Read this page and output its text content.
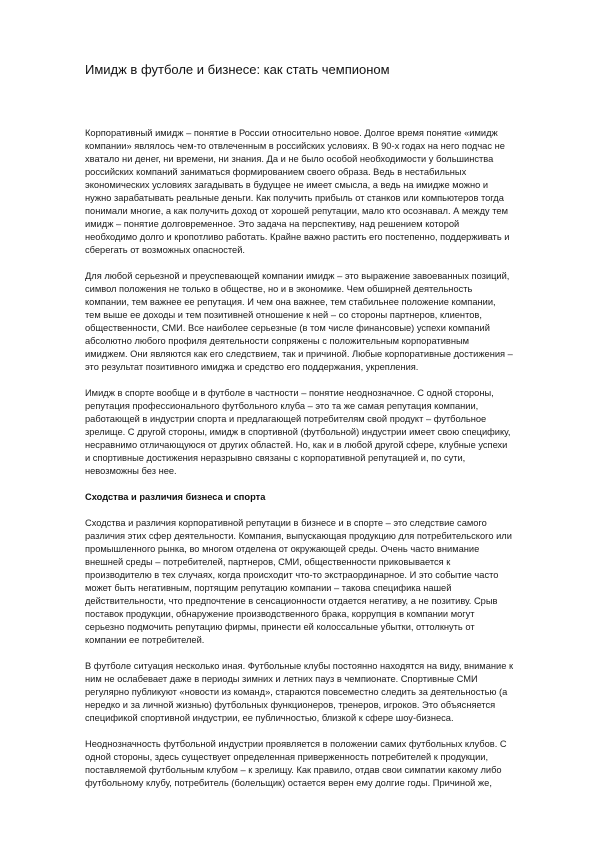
Имидж в футболе и бизнесе: как стать чемпионом

Корпоративный имидж – понятие в России относительно новое. Долгое время понятие «имидж компании» являлось чем-то отвлеченным в российских условиях. В 90-х годах на него подчас не хватало ни денег, ни времени, ни знания. Да и не было особой необходимости у большинства российских компаний заниматься формированием своего образа. Ведь в нестабильных экономических условиях загадывать в будущее не имеет смысла, а ведь на имидже можно и нужно зарабатывать реальные деньги. Как получить прибыль от станков или компьютеров тогда понимали многие, а как получить доход от хорошей репутации, мало кто осознавал. А между тем имидж – понятие долговременное. Это задача на перспективу, над решением которой необходимо долго и кропотливо работать. Крайне важно растить его постепенно, поддерживать и сберегать от возможных опасностей.

Для любой серьезной и преуспевающей компании имидж – это выражение завоеванных позиций, символ положения не только в обществе, но и в экономике. Чем обширней деятельность компании, тем важнее ее репутация. И чем она важнее, тем стабильнее положение компании, тем выше ее доходы и тем позитивней отношение к ней – со стороны партнеров, клиентов, общественности, СМИ. Все наиболее серьезные (в том числе финансовые) успехи компаний абсолютно любого профиля деятельности сопряжены с положительным корпоративным имиджем. Они являются как его следствием, так и причиной. Любые корпоративные достижения – это результат позитивного имиджа и средство его поддержания, укрепления.

Имидж в спорте вообще и в футболе в частности – понятие неоднозначное. С одной стороны, репутация профессионального футбольного клуба – это та же самая репутация компании, работающей в индустрии спорта и предлагающей потребителям свой продукт – футбольное зрелище. С другой стороны, имидж в спортивной (футбольной) индустрии имеет свою специфику, несравнимо отличающуюся от других областей. Но, как и в любой другой сфере, клубные успехи и спортивные достижения неразрывно связаны с корпоративной репутацией и, по сути, невозможны без нее.

Сходства и различия бизнеса и спорта

Сходства и различия корпоративной репутации в бизнесе и в спорте – это следствие самого различия этих сфер деятельности. Компания, выпускающая продукцию для потребительского или промышленного рынка, во многом отделена от окружающей среды. Очень часто внимание внешней среды – потребителей, партнеров, СМИ, общественности приковывается к производителю в тех случаях, когда происходит что-то экстраординарное. И это событие часто может быть негативным, портящим репутацию компании – такова специфика нашей действительности, что предпочтение в сенсационности отдается негативу, а не позитиву. Срыв поставок продукции, обнаружение производственного брака, коррупция в компании могут серьезно подмочить репутацию фирмы, принести ей колоссальные убытки, оттолкнуть от компании ее потребителей.

В футболе ситуация несколько иная. Футбольные клубы постоянно находятся на виду, внимание к ним не ослабевает даже в периоды зимних и летних пауз в чемпионате. Спортивные СМИ регулярно публикуют «новости из команд», стараются повсеместно следить за деятельностью (а нередко и за личной жизнью) футбольных функционеров, тренеров, игроков. Это объясняется спецификой спортивной индустрии, ее публичностью, близкой к сфере шоу-бизнеса.

Неоднозначность футбольной индустрии проявляется в положении самих футбольных клубов. С одной стороны, здесь существует определенная приверженность потребителей к продукции, поставляемой футбольным клубом – к зрелищу. Как правило, отдав свои симпатии какому либо футбольному клубу, потребитель (болельщик) остается верен ему долгие годы. Причиной же,
